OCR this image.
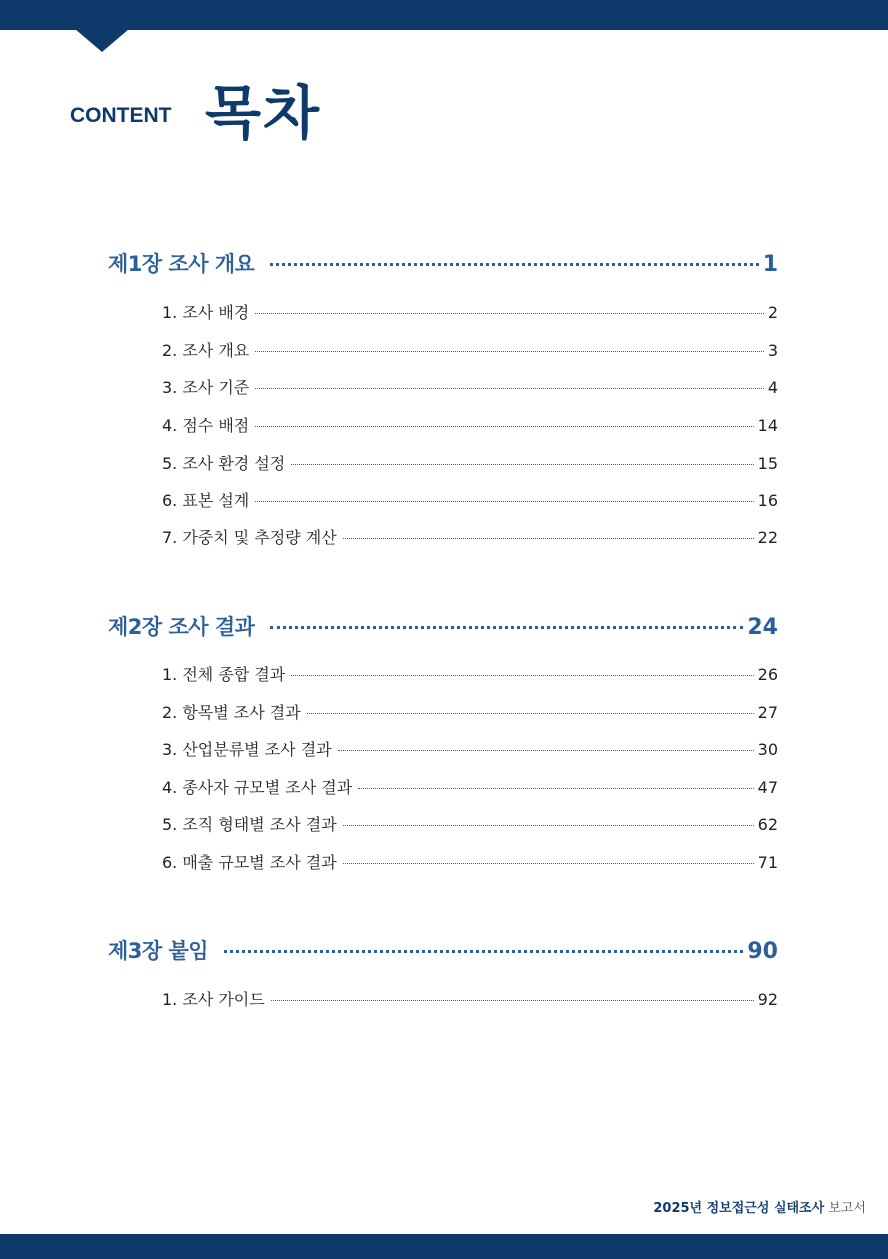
CONTENT 목차
제1장 조사 개요	1
1. 조사 배경	2
2. 조사 개요	3
3. 조사 기준	4
4. 점수 배점	14
5. 조사 환경 설정	15
6. 표본 설계	16
7. 가중치 및 추정량 계산	22
제2장 조사 결과	24
1. 전체 종합 결과	26
2. 항목별 조사 결과	27
3. 산업분류별 조사 결과	30
4. 종사자 규모별 조사 결과	47
5. 조직 형태별 조사 결과	62
6. 매출 규모별 조사 결과	71
제3장 붙임	90
1. 조사 가이드	92
2025년 정보접근성 실태조사 보고서
